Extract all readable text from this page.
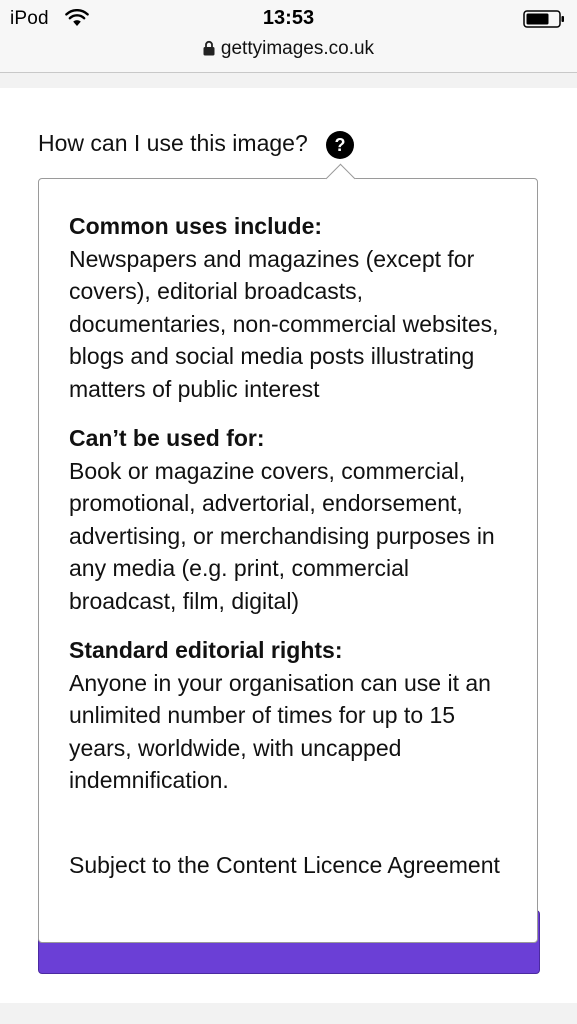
iPod	13:53
gettyimages.co.uk
How can I use this image?	?
Common uses include:
Newspapers and magazines (except for covers), editorial broadcasts, documentaries, non-commercial websites, blogs and social media posts illustrating matters of public interest
Can’t be used for:
Book or magazine covers, commercial, promotional, advertorial, endorsement, advertising, or merchandising purposes in any media (e.g. print, commercial broadcast, film, digital)
Standard editorial rights:
Anyone in your organisation can use it an unlimited number of times for up to 15 years, worldwide, with uncapped indemnification.
Subject to the Content Licence Agreement
